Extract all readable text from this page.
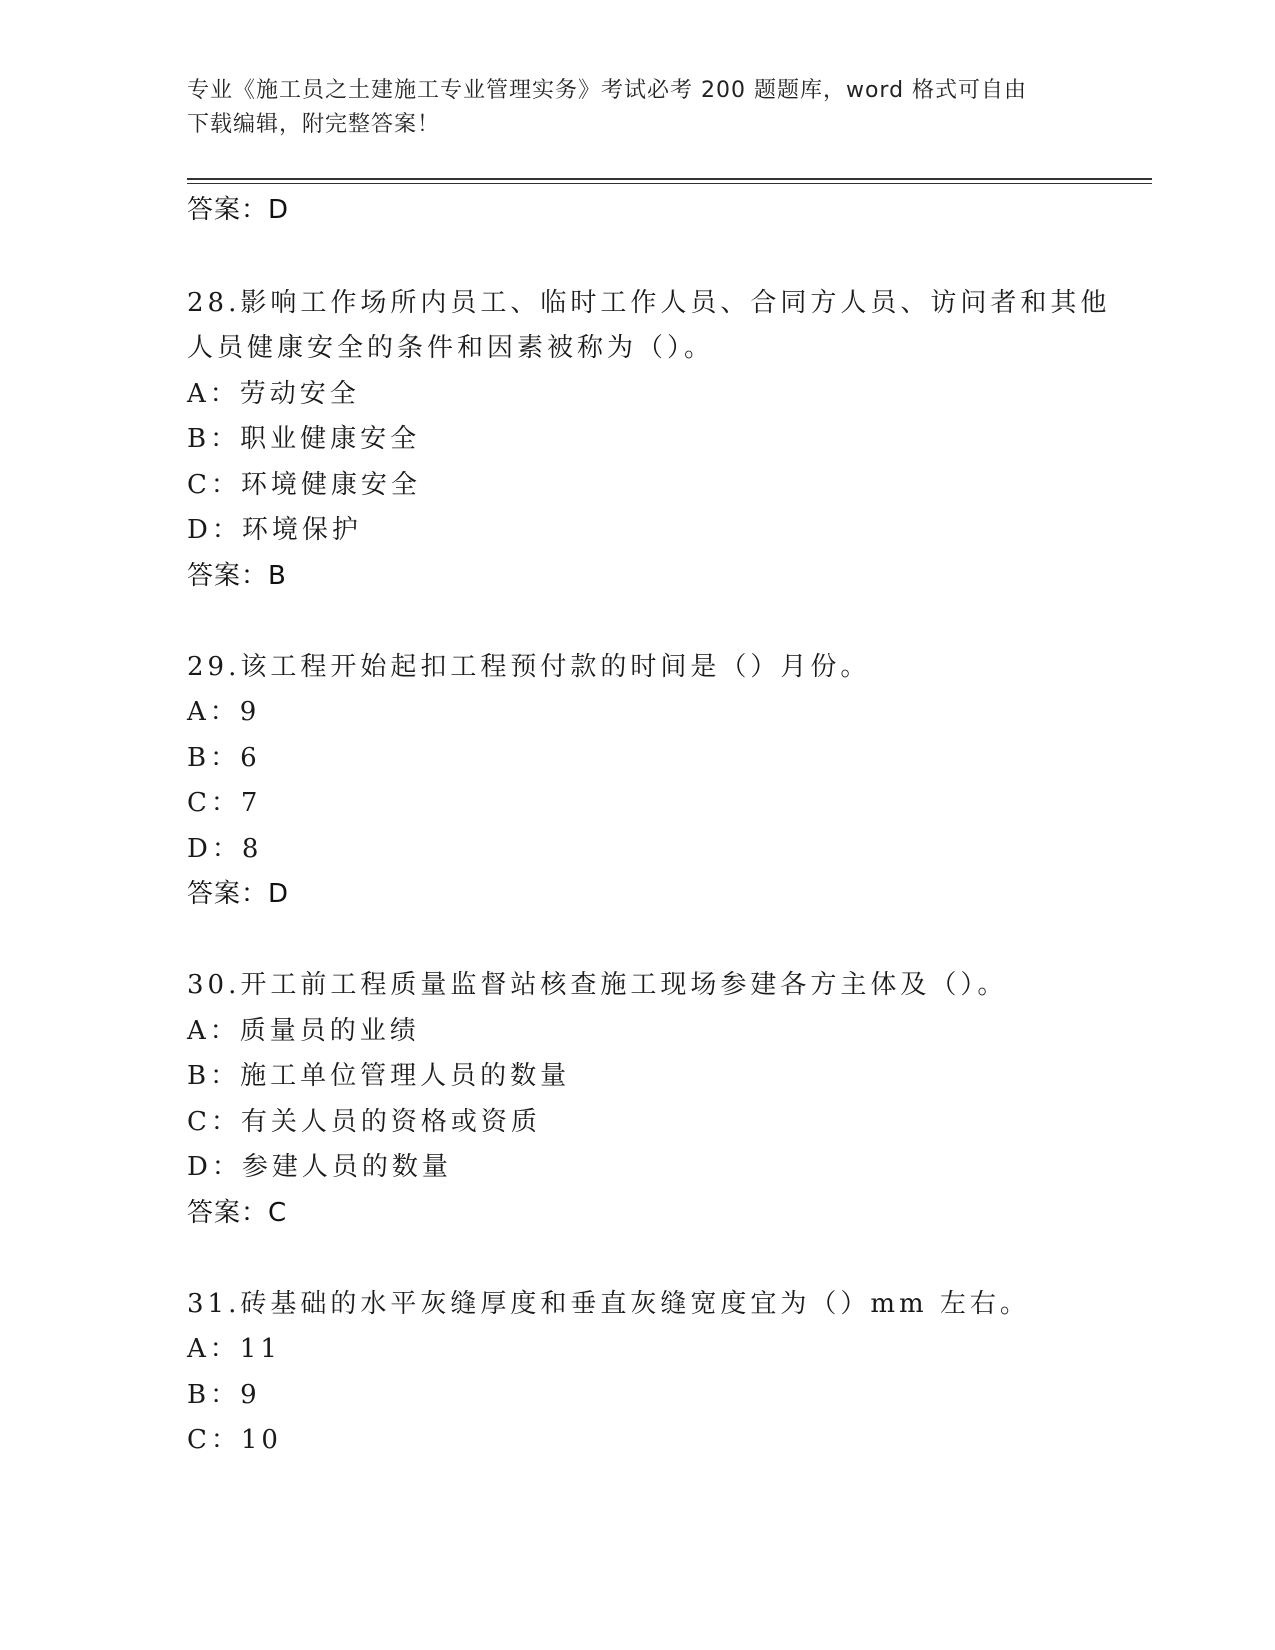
专业《施工员之土建施工专业管理实务》考试必考 200 题题库，word 格式可自由
下载编辑，附完整答案！
答案：D
28.影响工作场所内员工、临时工作人员、合同方人员、访问者和其他
人员健康安全的条件和因素被称为（）。
A：劳动安全
B：职业健康安全
C：环境健康安全
D：环境保护
答案：B
29.该工程开始起扣工程预付款的时间是（）月份。
A：9
B：6
C：7
D：8
答案：D
30.开工前工程质量监督站核查施工现场参建各方主体及（）。
A：质量员的业绩
B：施工单位管理人员的数量
C：有关人员的资格或资质
D：参建人员的数量
答案：C
31.砖基础的水平灰缝厚度和垂直灰缝宽度宜为（）mm 左右。
A：11
B：9
C：10
